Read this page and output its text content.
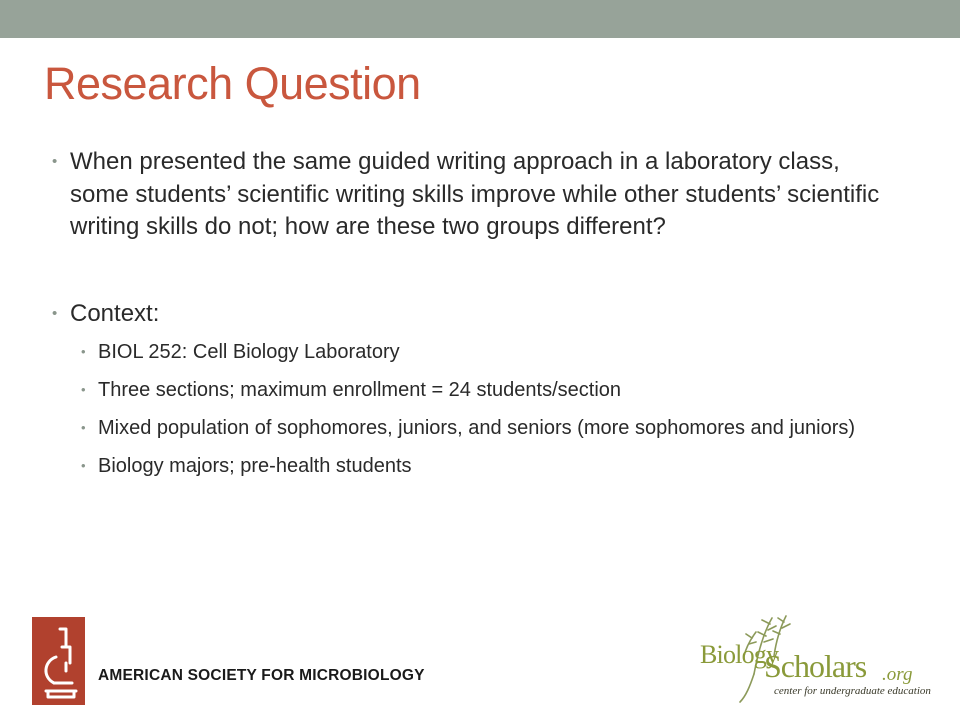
Research Question
• When presented the same guided writing approach in a laboratory class, some students’ scientific writing skills improve while other students’ scientific writing skills do not; how are these two groups different?
• Context:
• BIOL 252: Cell Biology Laboratory
• Three sections; maximum enrollment = 24 students/section
• Mixed population of sophomores, juniors, and seniors (more sophomores and juniors)
• Biology majors; pre-health students
AMERICAN SOCIETY FOR MICROBIOLOGY
Biology
Scholars .org
center for undergraduate education
